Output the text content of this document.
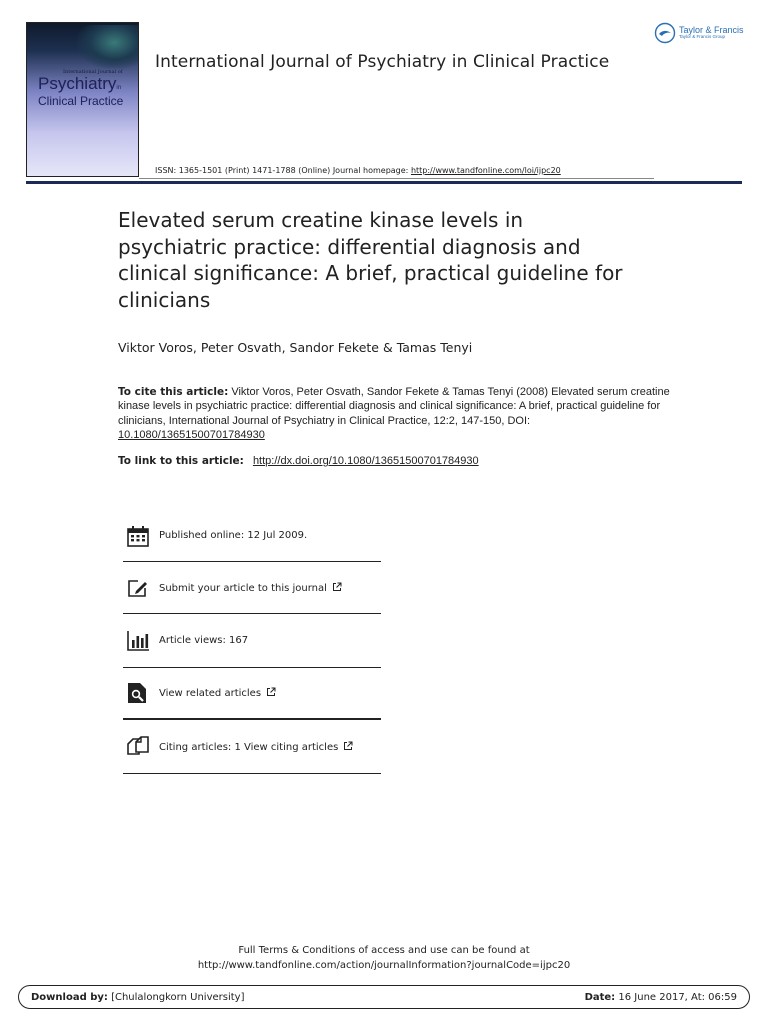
International Journal of
Psychiatryin
Clinical Practice
International Journal of Psychiatry in Clinical Practice
Taylor & Francis
Taylor & Francis Group
ISSN: 1365-1501 (Print) 1471-1788 (Online) Journal homepage: http://www.tandfonline.com/loi/ijpc20
Elevated serum creatine kinase levels in
psychiatric practice: differential diagnosis and
clinical significance: A brief, practical guideline for
clinicians
Viktor Voros, Peter Osvath, Sandor Fekete & Tamas Tenyi
To cite this article: Viktor Voros, Peter Osvath, Sandor Fekete & Tamas Tenyi (2008) Elevated serum creatine kinase levels in psychiatric practice: differential diagnosis and clinical significance: A brief, practical guideline for clinicians, International Journal of Psychiatry in Clinical Practice, 12:2, 147-150, DOI: 10.1080/13651500701784930
To link to this article: http://dx.doi.org/10.1080/13651500701784930
Published online: 12 Jul 2009.
Submit your article to this journal
Article views: 167
View related articles
Citing articles: 1 View citing articles
Full Terms & Conditions of access and use can be found at
http://www.tandfonline.com/action/journalInformation?journalCode=ijpc20
Download by: [Chulalongkorn University]	Date: 16 June 2017, At: 06:59
